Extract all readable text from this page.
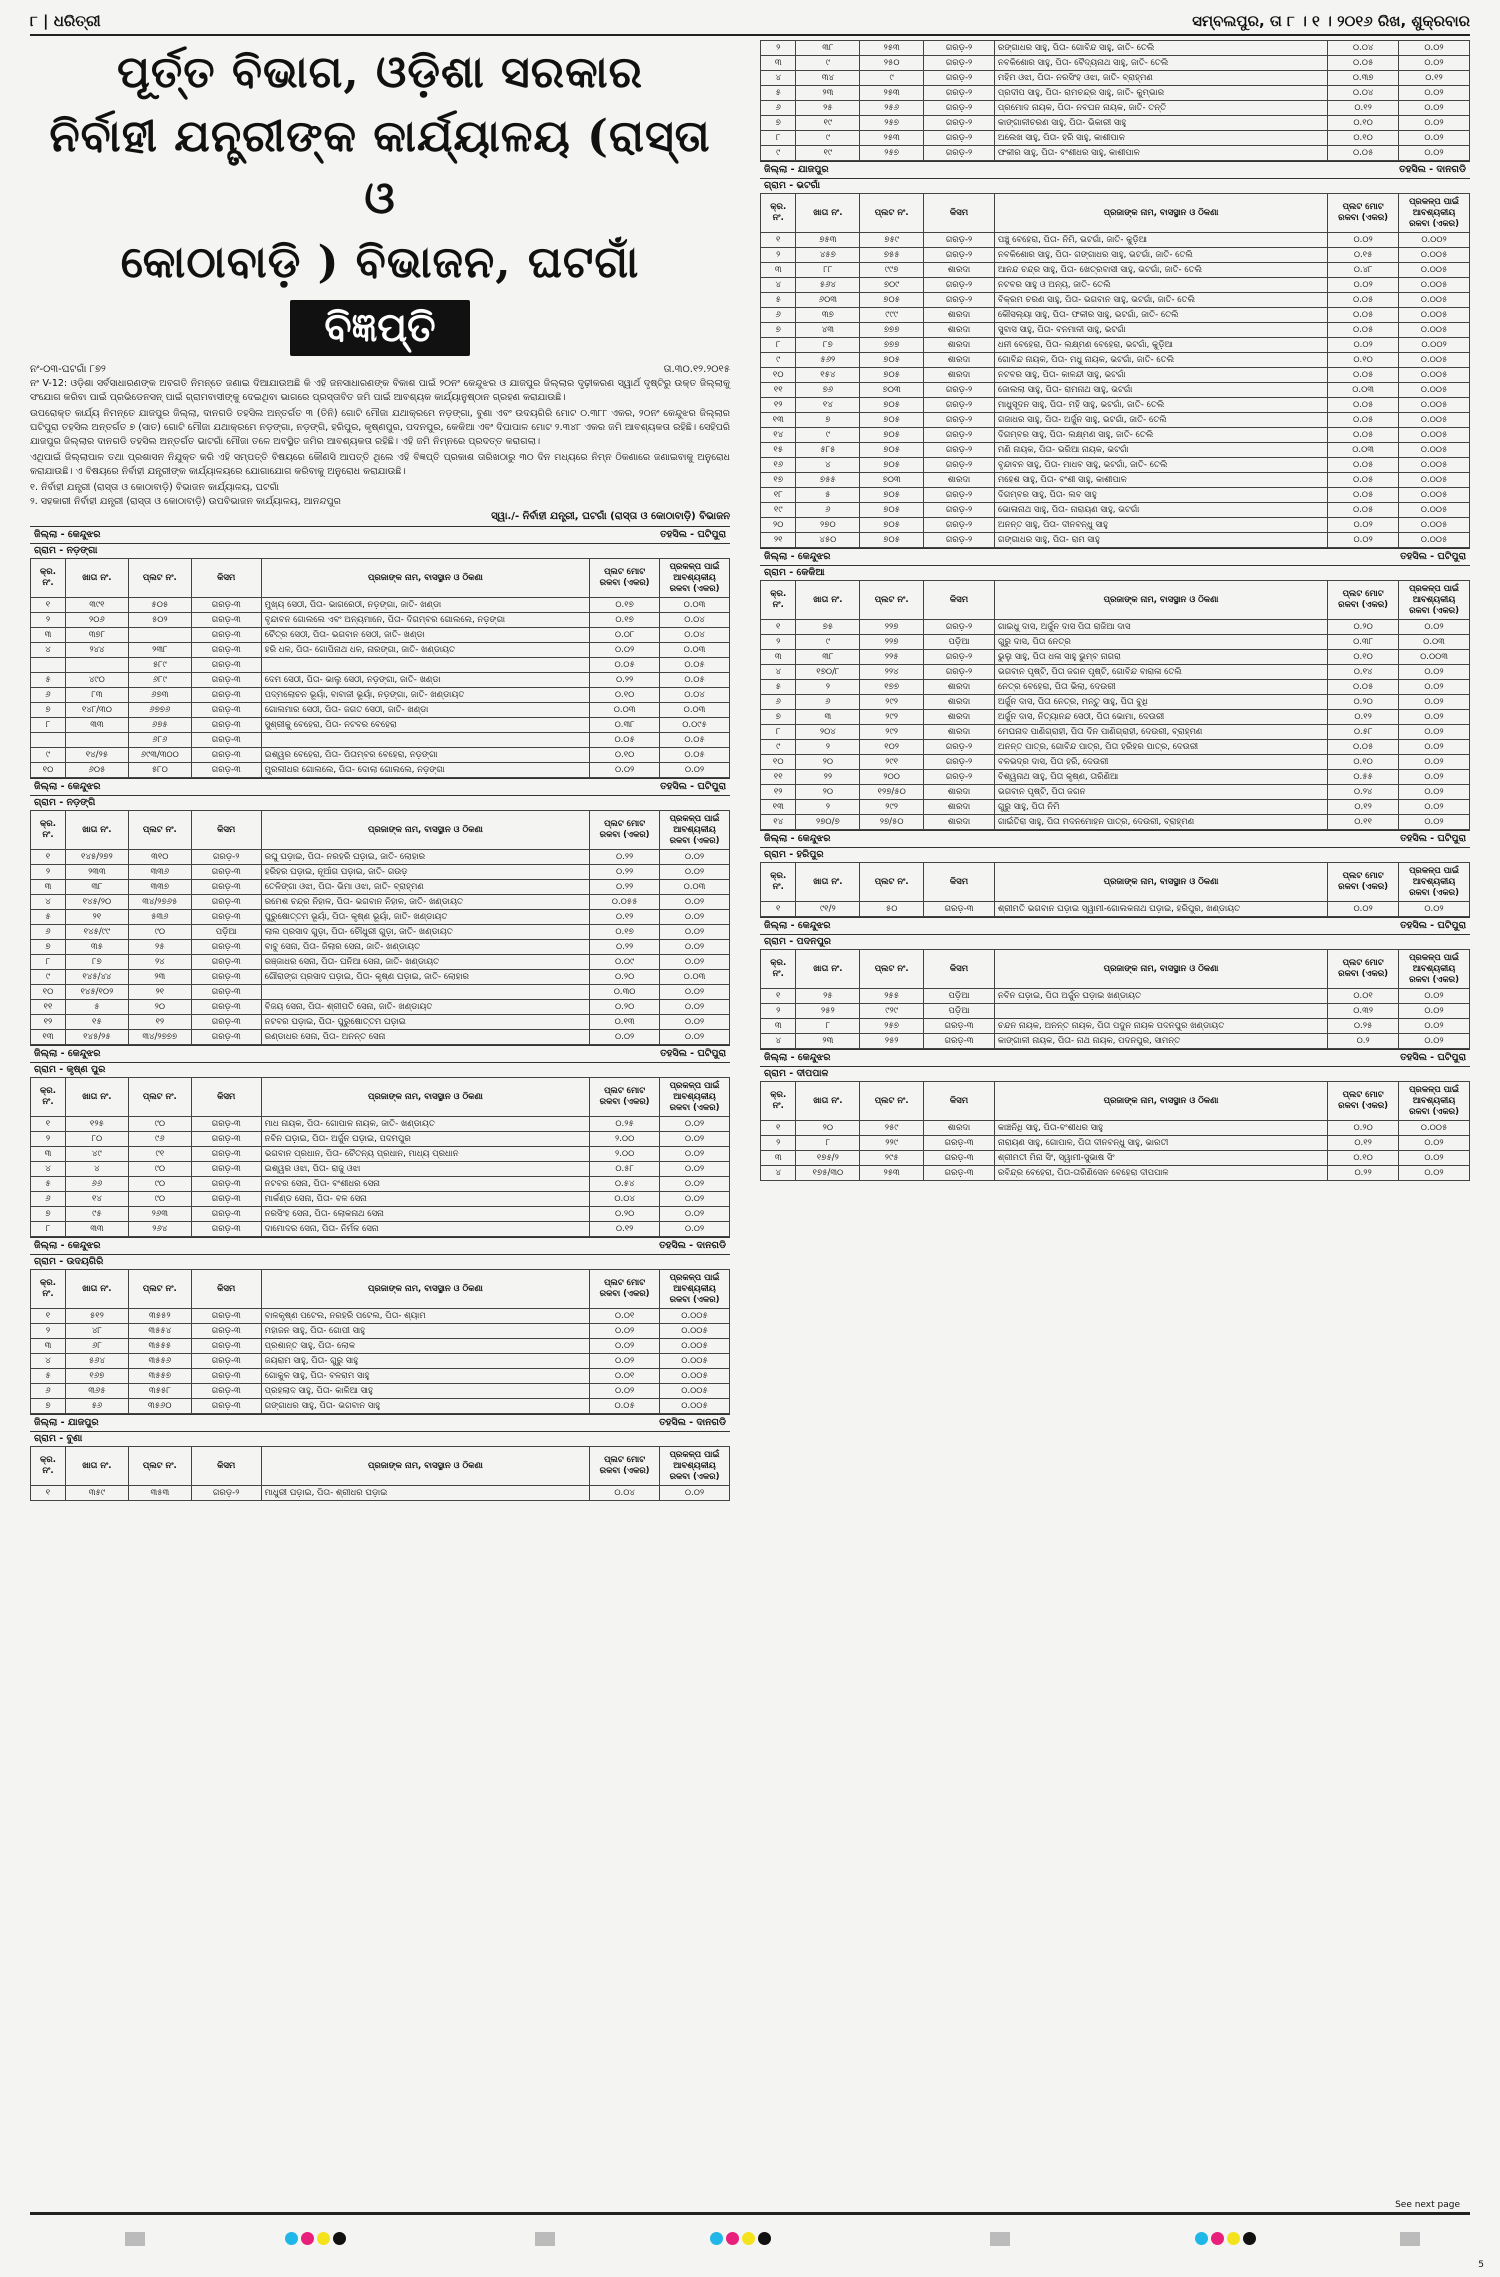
୮ | ଧରିତ୍ରୀ	ସମ୍ବଲପୁର, ତା ୮ । ୧ । ୨୦୧୬ ରିଖ, ଶୁକ୍ରବାର
ପୂର୍ତ୍ତ ବିଭାଗ, ଓଡ଼ିଶା ସରକାର
ନିର୍ବାହୀ ଯନ୍ତ୍ରୀଙ୍କ କାର୍ଯ୍ୟାଳୟ (ରାସ୍ତା ଓ
କୋଠାବାଡ଼ି ) ବିଭାଜନ, ଘଟଗାଁ
ବିଜ୍ଞପ୍ତି
ନଂ-୦୩-ଘଟଗାଁ ୮୭୨	ତା.୩୦.୧୨.୨୦୧୫

ନଂ V-12: ଓଡ଼ିଶା ସର୍ବସାଧାରଣଙ୍କ ଅବଗତି ନିମନ୍ତେ ଜଣାଇ ଦିଆଯାଉଅଛି କି ଏହି ଜନସାଧାରଣଙ୍କ ବିକାଶ ପାଇଁ ୨୦ନଂ କେନ୍ଦୁଝର ଓ ଯାଜପୁର ଜିଲ୍ଲାର ଦୃଢ଼ୀକରଣ ସ୍ୱାର୍ଥ ଦୃଷ୍ଟିରୁ ଉକ୍ତ ଜିଲ୍ଲାକୁ ସଂଯୋଗ କରିବା ପାଇଁ ପ୍ରଭିଡେନସନ୍ ପାଇଁ ଗ୍ରାମବାସୀଙ୍କୁ ଦେଇଥିବା ଭାଗରେ ପ୍ରସ୍ତାବିତ ଜମି ପାଇଁ ଆବଶ୍ୟକ କାର୍ଯ୍ୟାନୁଷ୍ଠାନ ଗ୍ରହଣ କରାଯାଉଛି।

ଉପରୋକ୍ତ କାର୍ଯ୍ୟ ନିମନ୍ତେ ଯାଜପୁର ଜିଲ୍ଲା, ଦାନଗଡି ତହସିଲ ଅନ୍ତର୍ଗତ ୩ (ତିନି) ଗୋଟି ମୌଜା ଯଥାକ୍ରମେ ନଡ଼ଙ୍ଗା, ବୁଣା ଏବଂ ଉଦୟଗିରି ମୋଟ ୦.୩୮୮ ଏକର, ୨୦ନଂ କେନ୍ଦୁଝର ଜିଲ୍ଲାର ଘଟିପୁରା ତହସିଲ ଅନ୍ତର୍ଗତ ୭ (ସାତ) ଗୋଟି ମୌଜା ଯଥାକ୍ରମେ ନଡ଼ଙ୍ଗା, ନଡ଼ଙ୍ଗି, ହରିପୁର, କୃଷ୍ଣପୁର, ପଦନପୁର, କେକିଆ ଏବଂ ଦିପାପାଳ ମୋଟ ୨.୩୪୮ ଏକର ଜମି ଆବଶ୍ୟକତା ରହିଛି। ସେହିପରି ଯାଜପୁର ଜିଲ୍ଲାର ଦାନଗଡି ତହସିଲ ଅନ୍ତର୍ଗତ ଭାଟଗାଁ ମୌଜା ତଳେ ଅବସ୍ଥିତ ଜମିର ଆବଶ୍ୟକତା ରହିଛି। ଏହି ଜମି ନିମ୍ନରେ ପ୍ରଦତ୍ତ କରାଗଲା।

ଏଥିପାଇଁ ଜିଲ୍ଲାପାଳ ତଥା ପ୍ରଶାସନ ନିଯୁକ୍ତ କରି ଏହି ସମ୍ପତ୍ତି ବିଷୟରେ କୌଣସି ଆପତ୍ତି ଥିଲେ ଏହି ବିଜ୍ଞପ୍ତି ପ୍ରକାଶ ତାରିଖଠାରୁ ୩୦ ଦିନ ମଧ୍ୟରେ ନିମ୍ନ ଠିକଣାରେ ଜଣାଇବାକୁ ଅନୁରୋଧ କରାଯାଉଛି। ଏ ବିଷୟରେ ନିର୍ବାହୀ ଯନ୍ତ୍ରୀଙ୍କ କାର୍ଯ୍ୟାଳୟରେ ଯୋଗାଯୋଗ କରିବାକୁ ଅନୁରୋଧ କରାଯାଉଛି।

୧. ନିର୍ବାହୀ ଯନ୍ତ୍ରୀ (ରାସ୍ତା ଓ କୋଠାବାଡ଼ି) ବିଭାଜନ କାର୍ଯ୍ୟାଳୟ, ଘଟଗାଁ
୨. ସହକାରୀ ନିର୍ବାହୀ ଯନ୍ତ୍ରୀ (ରାସ୍ତା ଓ କୋଠାବାଡ଼ି) ଉପବିଭାଜନ କାର୍ଯ୍ୟାଳୟ, ଆନନ୍ଦପୁର
ସ୍ୱା./- ନିର୍ବାହୀ ଯନ୍ତ୍ରୀ, ଘଟଗାଁ (ରାସ୍ତା ଓ କୋଠାବାଡ଼ି) ବିଭାଜନ
ଜିଲ୍ଲା - କେନ୍ଦୁଝର	ତହସିଲ - ଘଟିପୁରା
ଗ୍ରାମ - ନଡ଼ଙ୍ଗା
କ୍ର. ନଂ.	ଖାତା ନଂ.	ପ୍ଲଟ ନଂ.	କିସମ	ପ୍ରଜାଙ୍କ ନାମ, ବାସସ୍ଥାନ ଓ ଠିକଣା	ପ୍ଲଟ ମୋଟ ରକବା (ଏକର)	ପ୍ରକଳ୍ପ ପାଇଁ ଆବଶ୍ୟକୀୟ ରକବା (ଏକର)
୧	୩୯୧	୫୦୫	ଗରଡ଼-୩	ମୁଖ୍ୟ ସେଠୀ, ପିତା- ଭାଗରେଠୀ, ନଡ଼ଙ୍ଗା, ଜାତି- ଖଣ୍ଡା	୦.୧୭	୦.୦୩
୨	୨୦୬	୫୦୨	ଗରଡ଼-୩	ବୃନ୍ଦାବନ ଗୋଲଲେ ଏବଂ ଅନ୍ୟମାନେ, ପିତା- ଦିଗମ୍ବର ଗୋଲଲେ, ନଡ଼ଙ୍ଗା	୦.୧୭	୦.୦୪
୩	୩୭୮		ଗରଡ଼-୩	ଚୈତ୍ର ସେଠୀ, ପିତା- ଭଗବାନ ସେଠୀ, ଜାତି- ଖଣ୍ଡା	୦.୦୮	୦.୦୪
୪	୨୪୪	୨୩୮	ଗରଡ଼-୩	ହରି ଧଳ, ପିତା- ଗୋପିନାଥ ଧଳ, ନାରଙ୍ଗା, ଜାତି- ଖଣ୍ଡାୟତ	୦.୦୨	୦.୦୩
		୫୮୯	ଗରଡ଼-୩		୦.୦୫	୦.୦୫
୫	୪୯୦	୬୮୯	ଗରଡ଼-୩	ଦେମ ସେଠୀ, ପିତା- ଭାଲୁ ସେଠୀ, ନଡ଼ଙ୍ଗା, ଜାତି- ଖଣ୍ଡା	୦.୨୨	୦.୦୫
୬	୮୩	୬୭୩	ଗରଡ଼-୩	ପଦ୍ମଲୋଚନ ଭୂୟାଁ, ବାବାଜୀ ଭୂୟାଁ, ନଡ଼ଙ୍ଗା, ଜାତି- ଖଣ୍ଡାୟତ	୦.୧୦	୦.୦୪
୭	୧୪୮/୩୦	୬୭୭୬	ଗରଡ଼-୩	ଗୋଲମାର ସେଠୀ, ପିତା- ଜଗତ ସେଠୀ, ଜାତି- ଖଣ୍ଡା	୦.୦୩	୦.୦୩
୮	୩୩	୬୭୫	ଗରଡ଼-୩	ସୁଶ୍ରୀକୁ ବେହେରା, ପିତା- ନଟବର ବେହେରା	୦.୩୮	୦.୦୯୫
		୬୮୬	ଗରଡ଼-୩		୦.୦୫	୦.୦୫
୯	୧୪/୨୫	୬୯୩/୩୦୦	ଗରଡ଼-୩	ଇଶ୍ୱର ବେହେରା, ପିତା- ପିତାମ୍ବର ବେହେରା, ନଡ଼ଙ୍ଗା	୦.୧୦	୦.୦୫
୧୦	୬୦୫	୫୮୦	ଗରଡ଼-୩	ମୁରଲୀଧର ଗୋଲଲେ, ପିତା- ଦୋଲା ଗୋଲଲେ, ନଡ଼ଙ୍ଗା	୦.୦୨	୦.୦୨
ଜିଲ୍ଲା - କେନ୍ଦୁଝର	ତହସିଲ - ଘଟିପୁରା
ଗ୍ରାମ - ନଡ଼ଙ୍ଗି
କ୍ର. ନଂ.	ଖାତା ନଂ.	ପ୍ଲଟ ନଂ.	କିସମ	ପ୍ରଜାଙ୍କ ନାମ, ବାସସ୍ଥାନ ଓ ଠିକଣା	ପ୍ଲଟ ମୋଟ ରକବା (ଏକର)	ପ୍ରକଳ୍ପ ପାଇଁ ଆବଶ୍ୟକୀୟ ରକବା (ଏକର)
୧	୧୪୫/୨୭୨	୩୧୦	ଗରଡ଼-୨	ରଘୁ ଘଡ଼ାଇ, ପିତା- ନରହରି ଘଡ଼ାଇ, ଜାତି- ଲୋହାର	୦.୨୨	୦.୦୨
୨	୨୩୩	୩୩୬	ଗରଡ଼-୩	ହରିହର ଘଡ଼ାଇ, ନୂଆଁଗ ଘଡ଼ାଇ, ଜାତି- ଗଉଡ଼	୦.୨୨	୦.୦୨
୩	୩୮	୩୩୭	ଗରଡ଼-୩	ତେଳିଙ୍ଗା ଓଝା, ପିତା- ଭିମା ଓଝା, ଜାତି- ବ୍ରାହ୍ମଣ	୦.୨୨	୦.୦୩
୪	୧୪୫/୨୦	୩୪/୨୭୬୫	ଗରଡ଼-୩	ରମେଶ ଚନ୍ଦ୍ର ନିହାଳ, ପିତା- ଭଗବାନ ନିହାଳ, ଜାତି- ଖଣ୍ଡାୟତ	୦.୦୫୫	୦.୦୨
୫	୨୧	୫୩୬	ଗରଡ଼-୩	ପୁରୁଷୋତ୍ତମ ଭୂୟାଁ, ପିତା- କୃଷ୍ଣ ଭୂୟାଁ, ଜାତି- ଖଣ୍ଡାୟତ	୦.୧୨	୦.୦୨
୬	୧୪୫/୯୯	୯୦	ପଡ଼ିଆ	ଲାଲ ପ୍ରସାଦ ଗୁଡ଼ା, ପିତା- ଚୌଧୁରୀ ଗୁଡ଼ା, ଜାତି- ଖଣ୍ଡାୟତ	୦.୧୭	୦.୦୨
୭	୩୫	୨୫	ଗରଡ଼-୩	ବାବୁ ସେନା, ପିତା- ଜିଲାର ସେନା, ଜାତି- ଖଣ୍ଡାୟତ	୦.୨୨	୦.୦୨
୮	୮୭	୨୪	ଗରଡ଼-୩	ରଞ୍ଜାଧର ସେନା, ପିତା- ଘନିଆ ସେନା, ଜାତି- ଖଣ୍ଡାୟତ	୦.୦୯	୦.୦୨
୯	୧୪୫/୪୪	୨୩	ଗରଡ଼-୩	ଗୌରାଙ୍ଗ ପ୍ରସାଦ ଘଡ଼ାଇ, ପିତା- କୃଷ୍ଣ ଘଡ଼ାଇ, ଜାତି- ଲୋହାର	୦.୨୦	୦.୦୩
୧୦	୧୪୫/୧୦୨	୨୧	ଗରଡ଼-୩		୦.୩୦	୦.୦୨
୧୧	୫	୨୦	ଗରଡ଼-୩	ବିଜୟ ସେନା, ପିତା- ଶ୍ରୀପତି ସେନା, ଜାତି- ଖଣ୍ଡାୟତ	୦.୨୦	୦.୦୨
୧୨	୧୫	୧୨	ଗରଡ଼-୩	ନଟବର ଘଡ଼ାଇ, ପିତା- ପୁରୁଷୋତ୍ତମ ଘଡ଼ାଇ	୦.୧୩	୦.୦୨
୧୩	୧୪୫/୨୫	୩୪/୨୭୭୭	ଗରଡ଼-୩	ରଣ୍ଡାଧର ସେନା, ପିତା- ଅନନ୍ତ ସେନା	୦.୦୨	୦.୦୨
ଜିଲ୍ଲା - କେନ୍ଦୁଝର	ତହସିଲ - ଘଟିପୁରା
ଗ୍ରାମ - କୃଷ୍ଣ ପୁର
କ୍ର. ନଂ.	ଖାତା ନଂ.	ପ୍ଲଟ ନଂ.	କିସମ	ପ୍ରଜାଙ୍କ ନାମ, ବାସସ୍ଥାନ ଓ ଠିକଣା	ପ୍ଲଟ ମୋଟ ରକବା (ଏକର)	ପ୍ରକଳ୍ପ ପାଇଁ ଆବଶ୍ୟକୀୟ ରକବା (ଏକର)
୧	୧୨୫	୯୦	ଗରଡ଼-୩	ମାଧ ନାୟକ, ପିତା- ଗୋପାଳ ନାୟକ, ଜାତି- ଖଣ୍ଡାୟତ	୦.୨୫	୦.୦୨
୨	୮୦	୯୬	ଗରଡ଼-୩	ନବିନ ଘଡ଼ାଇ, ପିତା- ଅର୍ଜୁନ ଘଡ଼ାଇ, ପଦମପୁର	୨.୦୦	୦.୦୨
୩	୪୯	୯୧	ଗରଡ଼-୩	ଭଗବାନ ପ୍ରଧାନ, ପିତା- ଚୈତନ୍ୟ ପ୍ରଧାନ, ମାଧ୍ୟ ପ୍ରଧାନ	୨.୦୦	୦.୦୨
୪	୪	୯୦	ଗରଡ଼-୩	ଇଶ୍ୱର ଓଝା, ପିତା- ରାଜୁ ଓଝା	୦.୫୮	୦.୦୨
୫	୬୬	୯୦	ଗରଡ଼-୩	ନଟବର ସେନା, ପିତା- ବଂଶୀଧର ସେନା	୦.୫୪	୦.୦୨
୬	୧୪	୯୦	ଗରଡ଼-୩	ମାର୍କଣ୍ଡ ସେନା, ପିତା- ବଳ ସେନା	୦.୦୪	୦.୦୨
୭	୯୫	୨୬୩	ଗରଡ଼-୩	ନରସିଂହ ସେନା, ପିତା- ଲୋକନାଥ ସେନା	୦.୨୦	୦.୦୨
୮	୩୩	୨୬୪	ଗରଡ଼-୩	ଦାମୋଦର ସେନା, ପିତା- ନିର୍ମଳ ସେନା	୦.୧୨	୦.୦୨
ଜିଲ୍ଲା - କେନ୍ଦୁଝର	ତହସିଲ - ଦାନଗଡି
ଗ୍ରାମ - ଉଦୟଗିରି
କ୍ର. ନଂ.	ଖାତା ନଂ.	ପ୍ଲଟ ନଂ.	କିସମ	ପ୍ରଜାଙ୍କ ନାମ, ବାସସ୍ଥାନ ଓ ଠିକଣା	ପ୍ଲଟ ମୋଟ ରକବା (ଏକର)	ପ୍ରକଳ୍ପ ପାଇଁ ଆବଶ୍ୟକୀୟ ରକବା (ଏକର)
୧	୫୧୨	୩୫୫୨	ଗରଡ଼-୩	ବାଳକୃଷ୍ଣ ପଟେଲ, ନରହରି ପଟେଲ, ପିତା- ଶ୍ୟାମ	୦.୦୧	୦.୦୦୫
୨	୪୮	୩୫୫୪	ଗରଡ଼-୩	ମହାଜନ ସାହୁ, ପିତା- ଗୋପୀ ସାହୁ	୦.୦୨	୦.୦୦୫
୩	୬୮	୩୫୫୫	ଗରଡ଼-୩	ପ୍ରଶାନ୍ତ ସାହୁ, ପିତା- ଲୋକ	୦.୦୨	୦.୦୦୫
୪	୫୬୪	୩୫୫୬	ଗରଡ଼-୩	ଜୟରାମ ସାହୁ, ପିତା- ଗୁରୁ ସାହୁ	୦.୦୨	୦.୦୦୫
୫	୧୬୭	୩୫୫୭	ଗରଡ଼-୩	ଗୋକୁଳ ସାହୁ, ପିତା- ବଳରାମ ସାହୁ	୦.୦୧	୦.୦୦୫
୬	୩୬୫	୩୫୫୮	ଗରଡ଼-୩	ପ୍ରହଲାଦ ସାହୁ, ପିତା- କାଳିଆ ସାହୁ	୦.୦୨	୦.୦୦୫
୭	୫୬	୩୫୬୦	ଗରଡ଼-୩	ଗଙ୍ଗାଧର ସାହୁ, ପିତା- ଭଗବାନ ସାହୁ	୦.୦୫	୦.୦୦୫
ଜିଲ୍ଲା - ଯାଜପୁର	ତହସିଲ - ଦାନଗଡି
ଗ୍ରାମ - ବୁଣା
କ୍ର. ନଂ.	ଖାତା ନଂ.	ପ୍ଲଟ ନଂ.	କିସମ	ପ୍ରଜାଙ୍କ ନାମ, ବାସସ୍ଥାନ ଓ ଠିକଣା	ପ୍ଲଟ ମୋଟ ରକବା (ଏକର)	ପ୍ରକଳ୍ପ ପାଇଁ ଆବଶ୍ୟକୀୟ ରକବା (ଏକର)
୧	୩୫୯	୩୫୩	ଗରଡ଼-୨	ମାଧୁରୀ ଘଡ଼ାଇ, ପିତା- ଶ୍ରୀଧର ଘଡ଼ାଇ	୦.୦୪	୦.୦୨
୨	୩୮	୨୫୩	ଗରଡ଼-୨	ରଙ୍ଗାଧର ସାହୁ, ପିତା- ଗୋବିନ୍ଦ ସାହୁ, ଜାତି- ତେଲି	୦.୦୪	୦.୦୨
୩	୯	୨୫୦	ଗରଡ଼-୨	ନବକିଶୋର ସାହୁ, ପିତା- ବୈଦ୍ୟନାଥ ସାହୁ, ଜାତି- ତେଲି	୦.୦୫	୦.୦୨
୪	୩୪	୯	ଗରଡ଼-୨	ମହିମ ଓଝା, ପିତା- ନରସିଂହ ଓଝା, ଜାତି- ବ୍ରାହ୍ମଣ	୦.୩୭	୦.୧୨
୫	୨୩	୨୫୩	ଗରଡ଼-୨	ପ୍ରଦୀପ ସାହୁ, ପିତା- ରାମଚନ୍ଦ୍ର ସାହୁ, ଜାତି- କୁମ୍ଭାର	୦.୦୪	୦.୦୨
୬	୨୫	୨୫୬	ଗରଡ଼-୨	ପ୍ରମୋଦ ନାୟକ, ପିତା- ନବଘନ ନାୟକ, ଜାତି- ତନ୍ତି	୦.୧୨	୦.୦୨
୭	୧୯	୨୫୭	ଗରଡ଼-୨	କାଙ୍ଗାଳୀଚରଣ ସାହୁ, ପିତା- ଭିକାରୀ ସାହୁ	୦.୧୦	୦.୦୨
୮	୯	୨୫୩	ଗରଡ଼-୨	ଅଲେଖ ସାହୁ, ପିତା- ହରି ସାହୁ, କାଶୀପାଳ	୦.୧୦	୦.୦୨
୯	୧୯	୨୫୭	ଗରଡ଼-୨	ଫକୀର ସାହୁ, ପିତା- ବଂଶୀଧର ସାହୁ, କାଶୀପାଳ	୦.୦୫	୦.୦୨
ଜିଲ୍ଲା - ଯାଜପୁର	ତହସିଲ - ଦାନଗଡି
ଗ୍ରାମ - ଭଟଗାଁ
କ୍ର. ନଂ.	ଖାତା ନଂ.	ପ୍ଲଟ ନଂ.	କିସମ	ପ୍ରଜାଙ୍କ ନାମ, ବାସସ୍ଥାନ ଓ ଠିକଣା	ପ୍ଲଟ ମୋଟ ରକବା (ଏକର)	ପ୍ରକଳ୍ପ ପାଇଁ ଆବଶ୍ୟକୀୟ ରକବା (ଏକର)
୧	୭୫୩	୭୫୯	ଗରଡ଼-୨	ପଞ୍ଚୁ ବେହେରା, ପିତା- ନିମି, ଭଟଗାଁ, ଜାତି- କୁଡ଼ିଆ	୦.୦୨	୦.୦୦୨
୨	୪୫୭	୭୫୫	ଗରଡ଼-୨	ନବକିଶୋର ସାହୁ, ପିତା- ଗଙ୍ଗାଧର ସାହୁ, ଭଟଗାଁ, ଜାତି- ତେଲି	୦.୧୫	୦.୦୦୫
୩	୮୮	୯୯୭	ଶାରଦା	ଆନନ୍ଦ ଚନ୍ଦ୍ର ସାହୁ, ପିତା- ଖେତ୍ରବାସୀ ସାହୁ, ଭଟଗାଁ, ଜାତି- ତେଲି	୦.୪୮	୦.୦୦୫
୪	୫୬୪	୭୦୯	ଗରଡ଼-୨	ନଟବର ସାହୁ ଓ ଅନ୍ୟ, ଜାତି- ତେଲି	୦.୦୨	୦.୦୦୫
୫	୬୦୩	୭୦୫	ଗରଡ଼-୨	ବିକ୍ରମ ଚରଣ ସାହୁ, ପିତା- ଭଗବାନ ସାହୁ, ଭଟଗାଁ, ଜାତି- ତେଲି	୦.୦୫	୦.୦୦୫
୬	୩୭	୯୯୯	ଶାରଦା	କୌସଲ୍ୟା ସାହୁ, ପିତା- ଫକୀର ସାହୁ, ଭଟଗାଁ, ଜାତି- ତେଲି	୦.୦୫	୦.୦୦୫
୭	୪୩	୭୭୭	ଶାରଦା	ସୁବାସ ସାହୁ, ପିତା- ବନମାଳୀ ସାହୁ, ଭଟଗାଁ	୦.୦୫	୦.୦୦୫
୮	୮୭	୭୭୭	ଶାରଦା	ଧନୀ ବେହେରା, ପିତା- ଲକ୍ଷ୍ମଣ ବେହେରା, ଭଟଗାଁ, କୁଡ଼ିଆ	୦.୦୨	୦.୦୦୨
୯	୫୬୨	୭୦୫	ଶାରଦା	ଗୋବିନ୍ଦ ନାୟକ, ପିତା- ମଧୁ ନାୟକ, ଭଟଗାଁ, ଜାତି- ତେଲି	୦.୧୦	୦.୦୦୫
୧୦	୧୫୪	୭୦୫	ଶାରଦା	ନଟବର ସାହୁ, ପିତା- କାଳନ୍ଦୀ ସାହୁ, ଭଟଗାଁ	୦.୦୫	୦.୦୦୫
୧୧	୭୬	୭୦୩	ଗରଡ଼-୨	ଜୋଲଲା ସାହୁ, ପିତା- ରାମନାଥ ସାହୁ, ଭଟଗାଁ	୦.୦୩	୦.୦୦୫
୧୨	୧୪	୭୦୫	ଗରଡ଼-୨	ମାଧୁସୂଦନ ସାହୁ, ପିତା- ମହି ସାହୁ, ଭଟଗାଁ, ଜାତି- ତେଲି	୦.୦୫	୦.୦୦୫
୧୩	୭	୭୦୫	ଗରଡ଼-୨	ଗଜାଧର ସାହୁ, ପିତା- ଅର୍ଜୁନ ସାହୁ, ଭଟଗାଁ, ଜାତି- ତେଲି	୦.୦୫	୦.୦୦୫
୧୪	୯	୭୦୫	ଗରଡ଼-୨	ଦିଗମ୍ବର ସାହୁ, ପିତା- ଲକ୍ଷ୍ମଣ ସାହୁ, ଜାତି- ତେଲି	୦.୦୫	୦.୦୦୫
୧୫	୫୮୫	୭୦୫	ଗରଡ଼-୨	ମଣି ନାୟକ, ପିତା- ଭରିଆ ନାୟକ, ଭଟଗାଁ	୦.୦୩	୦.୦୦୫
୧୬	୪	୭୦୫	ଗରଡ଼-୨	ବୃନ୍ଦାବନ ସାହୁ, ପିତା- ମାଧବ ସାହୁ, ଭଟଗାଁ, ଜାତି- ତେଲି	୦.୦୫	୦.୦୦୫
୧୭	୭୫୫	୭୦୩	ଶାରଦା	ମହେଶ ସାହୁ, ପିତା- ବଂଶୀ ସାହୁ, କାଶୀପାଳ	୦.୦୫	୦.୦୦୫
୧୮	୫	୭୦୫	ଗରଡ଼-୨	ଦିଗମ୍ବର ସାହୁ, ପିତା- ଲବ ସାହୁ	୦.୦୫	୦.୦୦୫
୧୯	୬	୭୦୫	ଗରଡ଼-୨	ଭୋଳାନାଥ ସାହୁ, ପିତା- ନାରାୟଣ ସାହୁ, ଭଟଗାଁ	୦.୦୫	୦.୦୦୫
୨୦	୨୭୦	୭୦୫	ଗରଡ଼-୨	ଅନନ୍ତ ସାହୁ, ପିତା- ଦୀନବନ୍ଧୁ ସାହୁ	୦.୦୨	୦.୦୦୫
୨୧	୪୫୦	୭୦୫	ଗରଡ଼-୨	ଗଙ୍ଗାଧର ସାହୁ, ପିତା- ରାମ ସାହୁ	୦.୦୨	୦.୦୦୫
ଜିଲ୍ଲା - କେନ୍ଦୁଝର	ତହସିଲ - ଘଟିପୁରା
ଗ୍ରାମ - କେକିଆ
କ୍ର. ନଂ.	ଖାତା ନଂ.	ପ୍ଲଟ ନଂ.	କିସମ	ପ୍ରଜାଙ୍କ ନାମ, ବାସସ୍ଥାନ ଓ ଠିକଣା	ପ୍ଲଟ ମୋଟ ରକବା (ଏକର)	ପ୍ରକଳ୍ପ ପାଇଁ ଆବଶ୍ୟକୀୟ ରକବା (ଏକର)
୧	୭୫	୨୨୭	ଗରଡ଼-୨	ଗାଇଧୁ ଦାସ, ଅର୍ଜୁନ ଦାସ ପିତା ରାଜିଆ ଦାସ	୦.୨୦	୦.୦୨
୨	୯	୨୨୭	ପଡ଼ିଆ	ଗୁରୁ ଦାସ, ପିତା ନେତ୍ର	୦.୩୮	୦.୦୩
୩	୩୮	୨୨୫	ଗରଡ଼-୨	ଭୁଲୁ ସାହୁ, ପିତା ଧଳା ସାହୁ ଭୁମ୍ବ ନାଗରା	୦.୧୦	୦.୦୦୩
୪	୧୭୦/୮	୨୨୪	ଗରଡ଼-୨	ଭଗବାନ ପୃଷ୍ଟି, ପିତା ଜଗନ ପୃଷ୍ଟି, ଗୋବିନ୍ଦ ବାରାଳା ତେଲି	୦.୧୪	୦.୦୨
୫	୨	୧୭୭	ଶାରଦା	ନେତ୍ର ବେହେରା, ପିତା ଭିଲା, ଦେଉରୀ	୦.୦୫	୦.୦୨
୬	୬	୨୯୨	ଶାରଦା	ଅର୍ଜୁନ ଦାସ, ପିତା ନେତ୍ର, ମନ୍ତୁ ସାହୁ, ପିତା ବୁଧି	୦.୨୦	୦.୦୨
୭	୩	୨୯୨	ଶାରଦା	ଅର୍ଜୁନ ଦାସ, ନିତ୍ୟାନନ୍ଦ ସେଠୀ, ପିତା ଭୋମା, ଦେଉରୀ	୦.୧୨	୦.୦୨
୮	୨୦୪	୨୯୨	ଶାରଦା	ମେଘନାଦ ପାଣିଗ୍ରାହୀ, ପିତା ଦିନ ପାଣିଗ୍ରାହୀ, ଦେଉରୀ, ବ୍ରାହ୍ମଣ	୦.୫୮	୦.୦୨
୯	୨	୧୦୨	ଗରଡ଼-୨	ଅନନ୍ତ ପାତ୍ର, ଗୋବିନ୍ଦ ପାତ୍ର, ପିତା ହରିହର ପାତ୍ର, ଦେଉରୀ	୦.୦୫	୦.୦୨
୧୦	୨୦	୨୯୧	ଗରଡ଼-୨	ବଳଭଦ୍ର ଦାସ, ପିତା ହରି, ଦେଉରୀ	୦.୧୦	୦.୦୨
୧୧	୨୨	୨୦୦	ଗରଡ଼-୨	ବିଶ୍ୱନାଥ ସାହୁ, ପିତା କୃଷ୍ଣ, ତାରିଣିଆ	୦.୫୫	୦.୦୨
୧୨	୨୦	୧୨୭/୫୦	ଶାରଦା	ଭଗବାନ ପୃଷ୍ଟି, ପିତା ଜଗନ	୦.୨୪	୦.୦୨
୧୩	୨	୨୯୨	ଶାରଦା	ଗୁରୁ ସାହୁ, ପିତା ନିମି	୦.୧୨	୦.୦୨
୧୪	୨୭୦/୭	୨୭/୫୦	ଶାରଦା	ଗାଇଁତିରା ସାହୁ, ପିତା ମଦନମୋହନ ପାତ୍ର, ଦେଉରୀ, ବ୍ରାହ୍ମଣ	୦.୧୧	୦.୦୨
ଜିଲ୍ଲା - କେନ୍ଦୁଝର	ତହସିଲ - ଘଟିପୁରା
ଗ୍ରାମ - ହରିପୁର
କ୍ର. ନଂ.	ଖାତା ନଂ.	ପ୍ଲଟ ନଂ.	କିସମ	ପ୍ରଜାଙ୍କ ନାମ, ବାସସ୍ଥାନ ଓ ଠିକଣା	ପ୍ଲଟ ମୋଟ ରକବା (ଏକର)	ପ୍ରକଳ୍ପ ପାଇଁ ଆବଶ୍ୟକୀୟ ରକବା (ଏକର)
୧	୯୧/୨	୫୦	ଗରଡ଼-୩	ଶ୍ରୀମତି ଭଗବାନ ଘଡ଼ାଇ ସ୍ୱାମୀ-ଗୋଲକନାଥ ଘଡ଼ାଇ, ହରିପୁର, ଖଣ୍ଡାୟତ	୦.୦୨	୦.୦୨
ଜିଲ୍ଲା - କେନ୍ଦୁଝର	ତହସିଲ - ଘଟିପୁରା
ଗ୍ରାମ - ପଦନପୁର
କ୍ର. ନଂ.	ଖାତା ନଂ.	ପ୍ଲଟ ନଂ.	କିସମ	ପ୍ରଜାଙ୍କ ନାମ, ବାସସ୍ଥାନ ଓ ଠିକଣା	ପ୍ଲଟ ମୋଟ ରକବା (ଏକର)	ପ୍ରକଳ୍ପ ପାଇଁ ଆବଶ୍ୟକୀୟ ରକବା (ଏକର)
୧	୨୫	୨୫୫	ପଡ଼ିଆ	ନବିନ ଘଡ଼ାଇ, ପିତା ଅର୍ଜୁନ ଘଡ଼ାଇ ଖଣ୍ଡାୟତ	୦.୦୧	୦.୦୨
୨	୨୫୨	୯୨୯	ପଡ଼ିଆ		୦.୩୨	୦.୦୨
୩	୮	୨୫୭	ଗରଡ଼-୩	ଚନ୍ଦନ ନାୟକ, ଅନନ୍ତ ନାୟକ, ପିତା ପଦୁନ ନାୟକ ପଦନପୁର ଖଣ୍ଡାୟତ	୦.୨୫	୦.୦୨
୪	୨୩	୨୫୨	ଗରଡ଼-୩	କାଙ୍ଗାଳୀ ନାୟକ, ପିତା- ନାଥ ନାୟକ, ପଦନପୁର, ସାମନ୍ତ	୦.୨	୦.୦୨
ଜିଲ୍ଲା - କେନ୍ଦୁଝର	ତହସିଲ - ଘଟିପୁରା
ଗ୍ରାମ - ଦୀପପାଳ
କ୍ର. ନଂ.	ଖାତା ନଂ.	ପ୍ଲଟ ନଂ.	କିସମ	ପ୍ରଜାଙ୍କ ନାମ, ବାସସ୍ଥାନ ଓ ଠିକଣା	ପ୍ଲଟ ମୋଟ ରକବା (ଏକର)	ପ୍ରକଳ୍ପ ପାଇଁ ଆବଶ୍ୟକୀୟ ରକବା (ଏକର)
୧	୨୦	୨୫୯	ଶାରଦା	କାଞ୍ଚନିଧି ସାହୁ, ପିତା-ବଂଶୀଧର ସାହୁ	୦.୨୦	୦.୦୦୫
୨	୮	୨୨୯	ଗରଡ଼-୩	ନାରାୟଣ ସାହୁ, ଗୋପାଳ, ପିତା ଦୀନବନ୍ଧୁ ସାହୁ, ଭାରତୀ	୦.୧୨	୦.୦୨
୩	୧୭୫/୨	୨୯୫	ଗରଡ଼-୩	ଶ୍ରୀମତୀ ମିନା ସିଂ, ସ୍ୱାମୀ-ସୁଭାଷ ସିଂ	୦.୧୦	୦.୦୨
୪	୧୭୫/୩୦	୨୫୩	ଗରଡ଼-୩	ରବିନ୍ଦ୍ର ବେହେରା, ପିତା-ତାରିଣିସେନ ବେହେରା ଦୀପପାଳ	୦.୨୨	୦.୦୨
See next page
5
